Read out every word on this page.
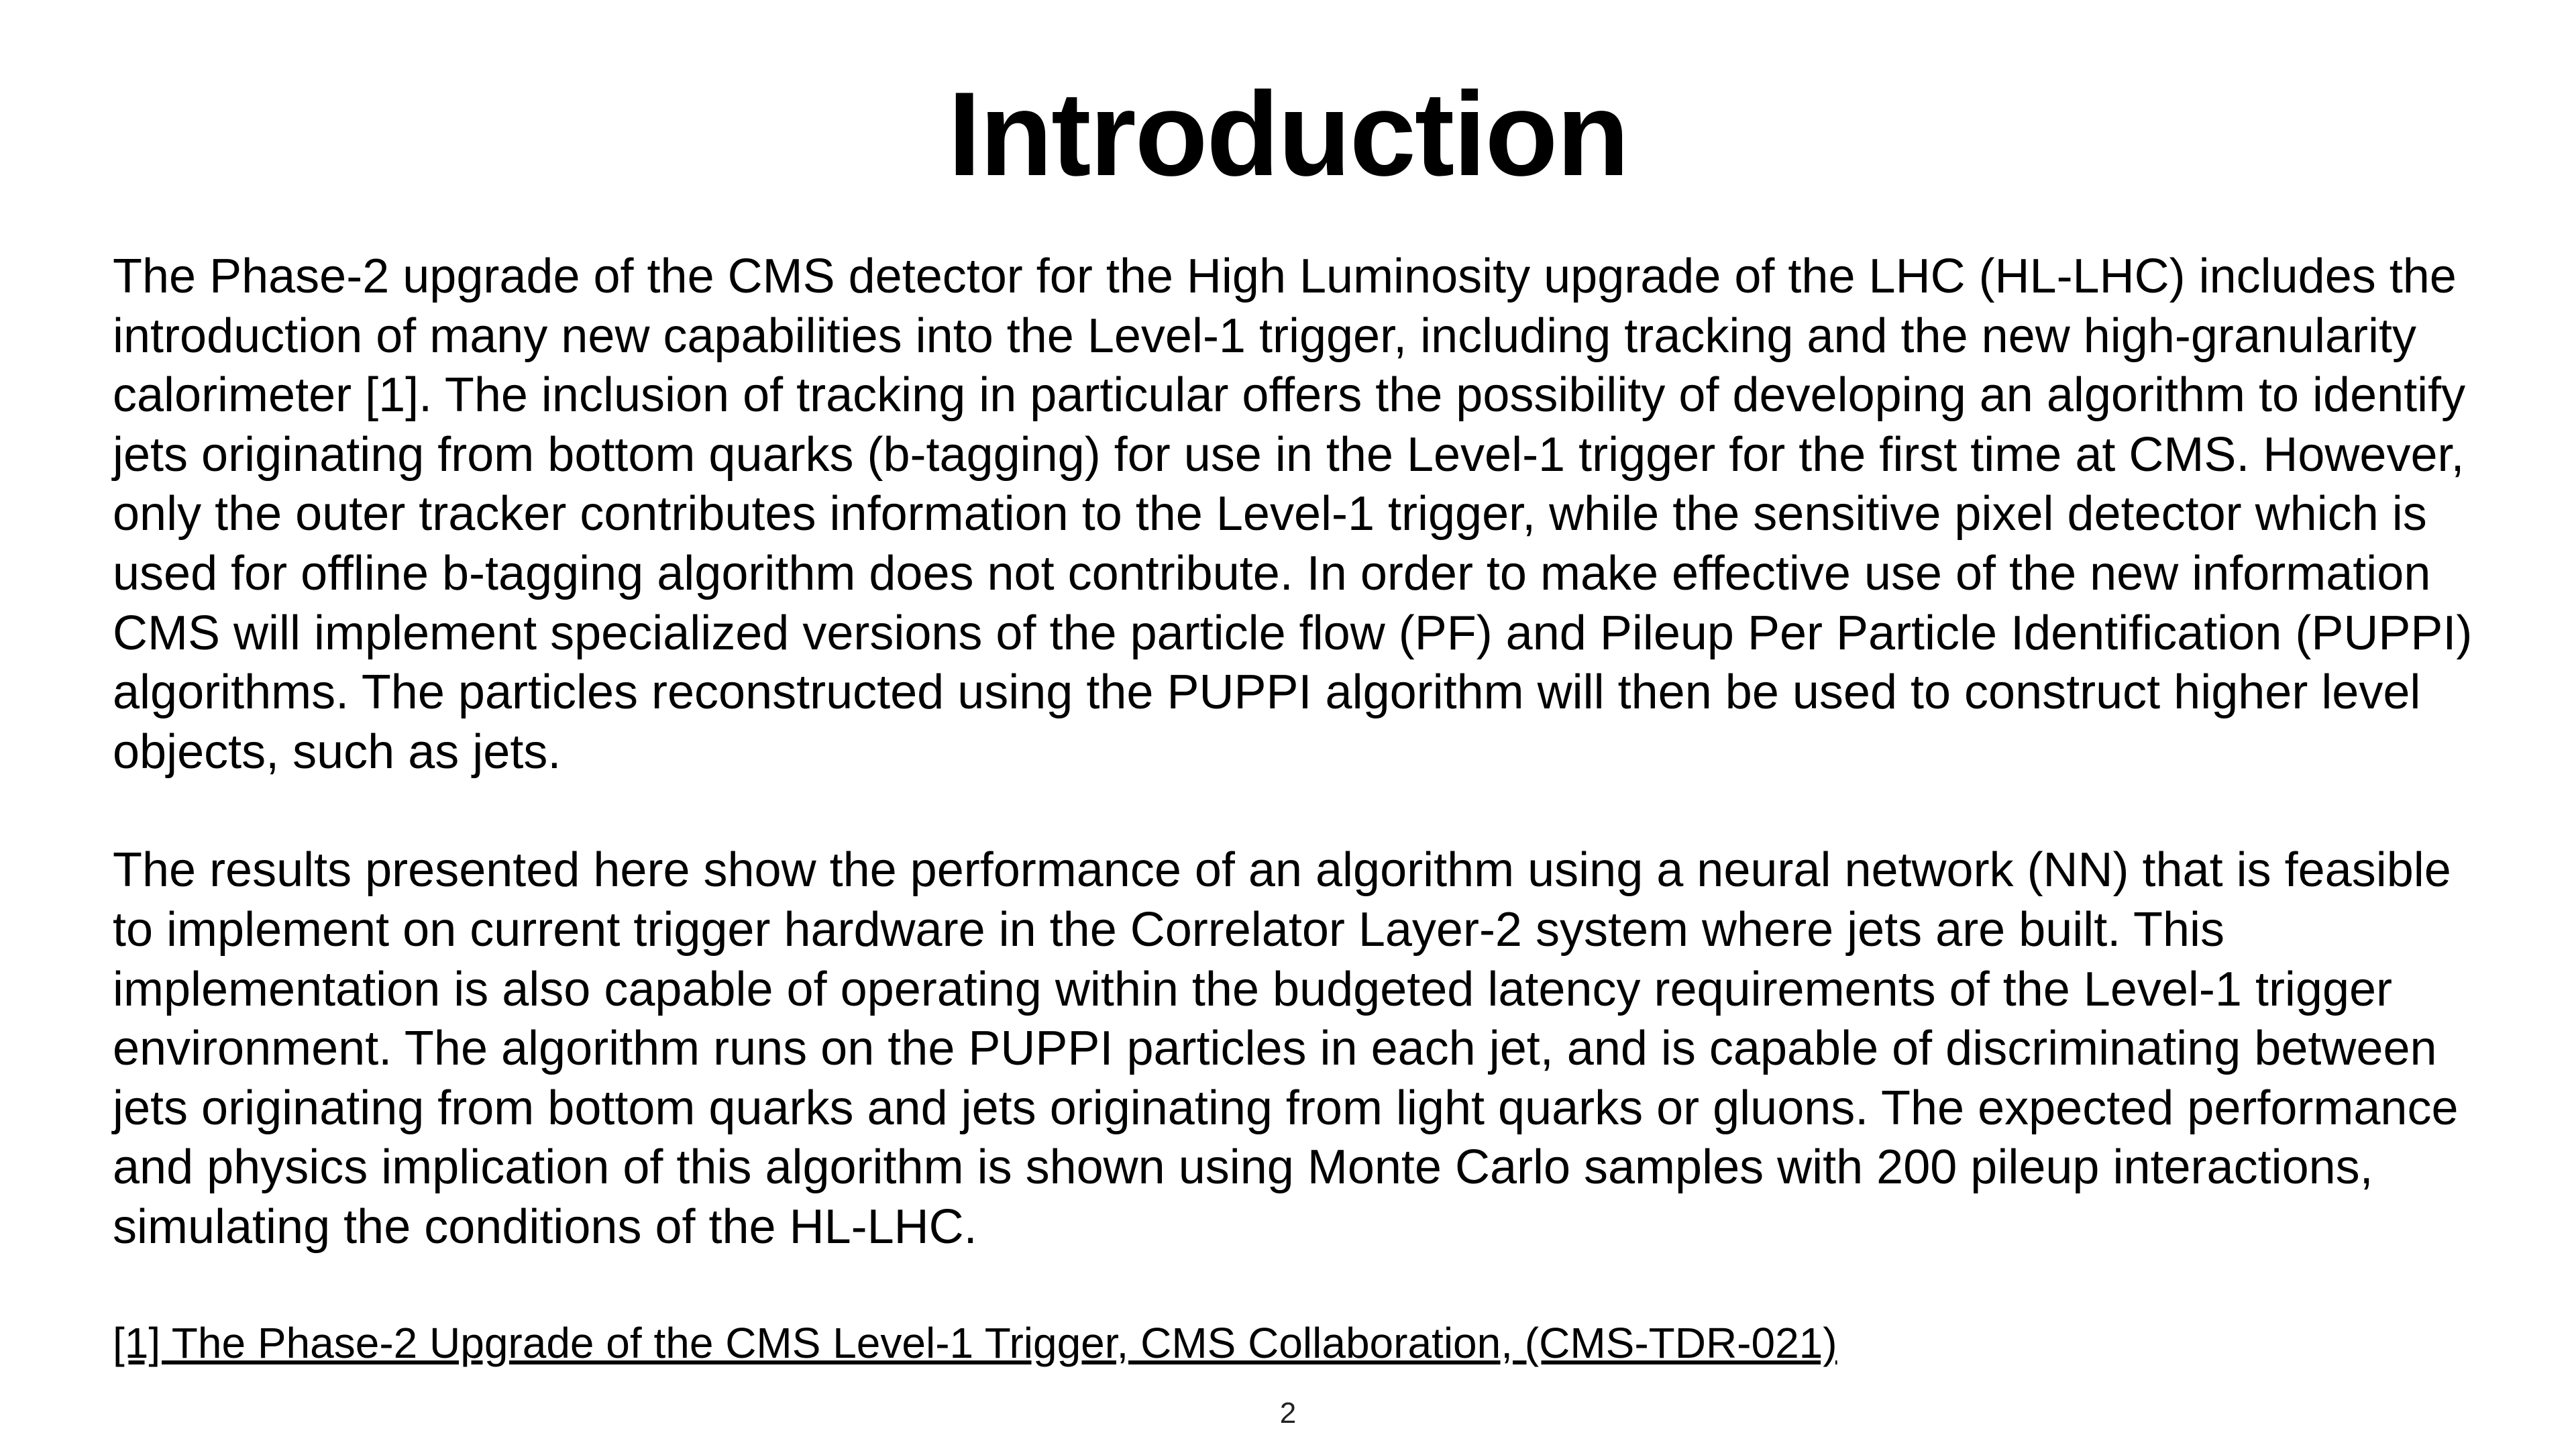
Introduction

The Phase-2 upgrade of the CMS detector for the High Luminosity upgrade of the LHC (HL-LHC) includes the introduction of many new capabilities into the Level-1 trigger, including tracking and the new high-granularity calorimeter [1]. The inclusion of tracking in particular offers the possibility of developing an algorithm to identify jets originating from bottom quarks (b-tagging) for use in the Level-1 trigger for the first time at CMS. However, only the outer tracker contributes information to the Level-1 trigger, while the sensitive pixel detector which is used for offline b-tagging algorithm does not contribute. In order to make effective use of the new information CMS will implement specialized versions of the particle flow (PF) and Pileup Per Particle Identification (PUPPI) algorithms. The particles reconstructed using the PUPPI algorithm will then be used to construct higher level objects, such as jets.

The results presented here show the performance of an algorithm using a neural network (NN) that is feasible to implement on current trigger hardware in the Correlator Layer-2 system where jets are built. This implementation is also capable of operating within the budgeted latency requirements of the Level-1 trigger environment. The algorithm runs on the PUPPI particles in each jet, and is capable of discriminating between jets originating from bottom quarks and jets originating from light quarks or gluons. The expected performance and physics implication of this algorithm is shown using Monte Carlo samples with 200 pileup interactions, simulating the conditions of the HL-LHC.

[1] The Phase-2 Upgrade of the CMS Level-1 Trigger, CMS Collaboration, (CMS-TDR-021)
2
